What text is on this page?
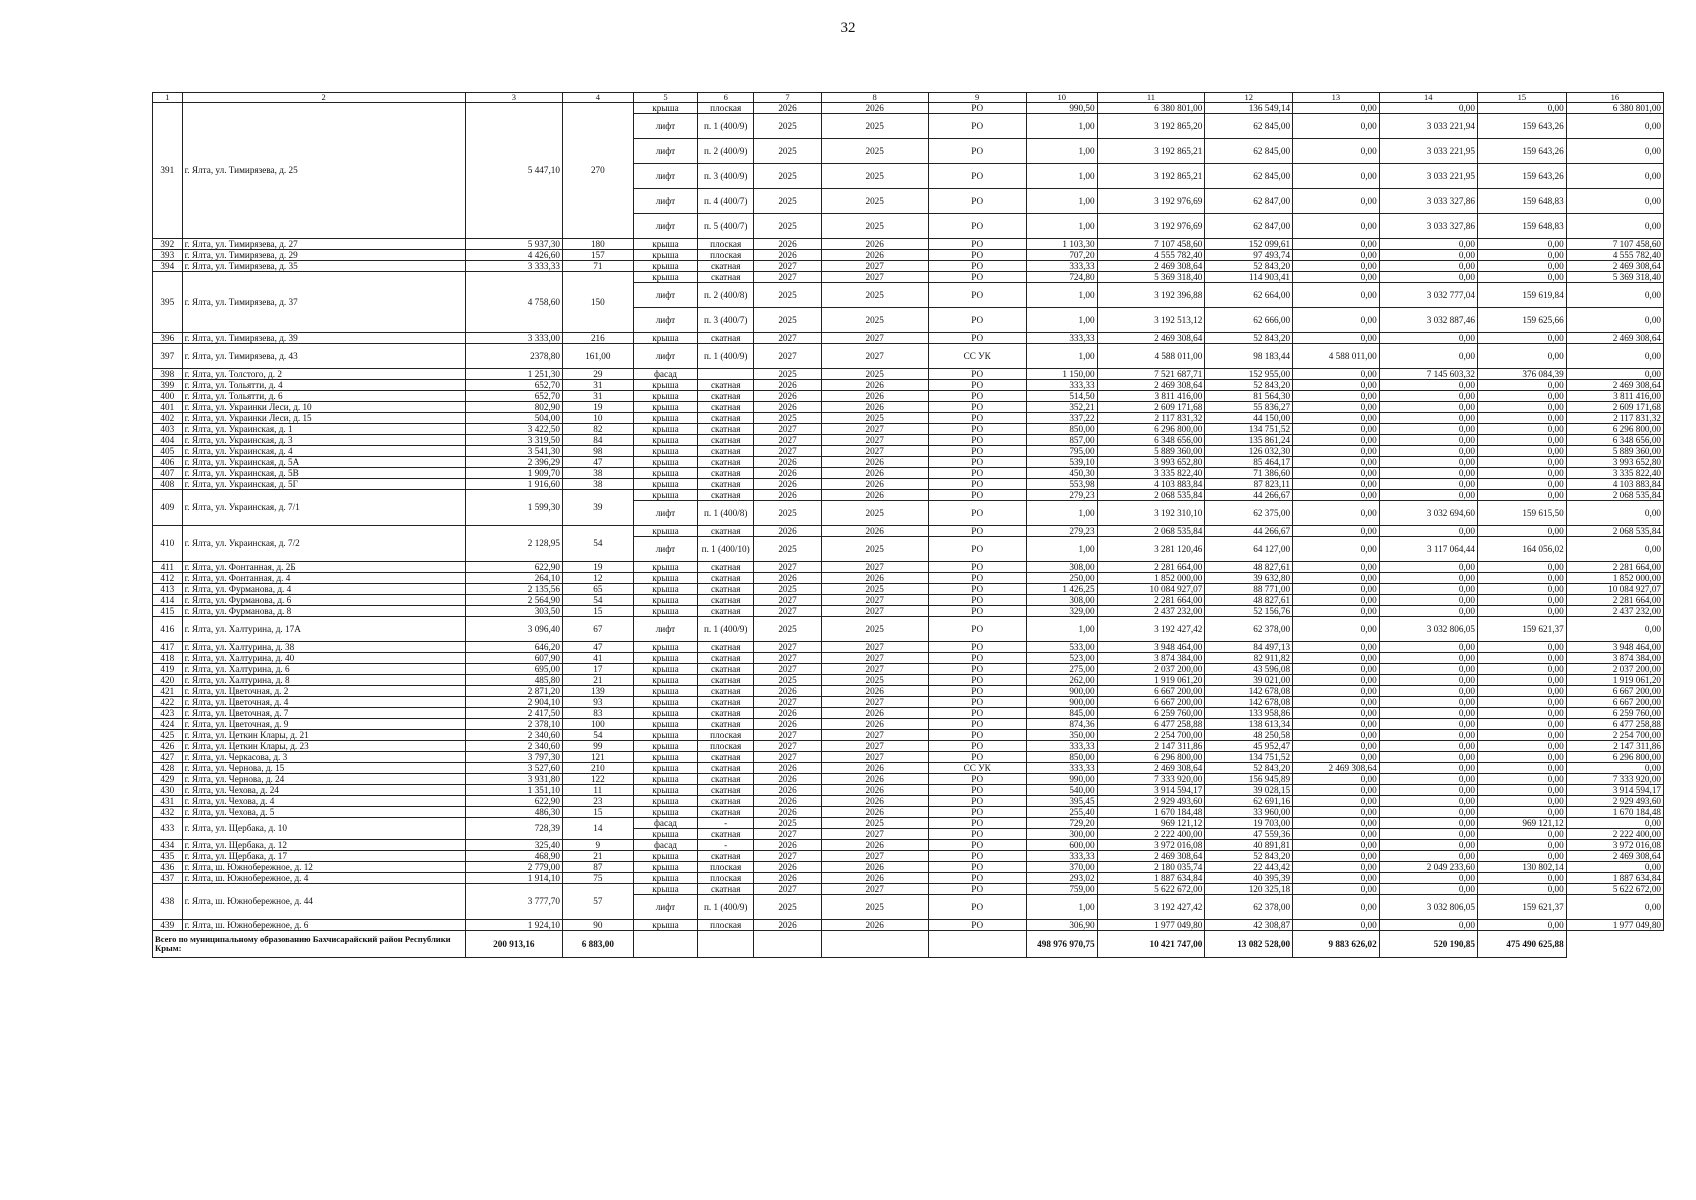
32
1	2	3	4	5	6	7	8	9	10	11	12	13	14	15	16
391	г. Ялта, ул. Тимирязева, д. 25	5 447,10	270	крыша	плоская	2026	2026	РО	990,50	6 380 801,00	136 549,14	0,00	0,00	0,00	6 380 801,00
				лифт	п. 1 (400/9)	2025	2025	РО	1,00	3 192 865,20	62 845,00	0,00	3 033 221,94	159 643,26	0,00
				лифт	п. 2 (400/9)	2025	2025	РО	1,00	3 192 865,21	62 845,00	0,00	3 033 221,95	159 643,26	0,00
				лифт	п. 3 (400/9)	2025	2025	РО	1,00	3 192 865,21	62 845,00	0,00	3 033 221,95	159 643,26	0,00
				лифт	п. 4 (400/7)	2025	2025	РО	1,00	3 192 976,69	62 847,00	0,00	3 033 327,86	159 648,83	0,00
				лифт	п. 5 (400/7)	2025	2025	РО	1,00	3 192 976,69	62 847,00	0,00	3 033 327,86	159 648,83	0,00
392	г. Ялта, ул. Тимирязева, д. 27	5 937,30	180	крыша	плоская	2026	2026	РО	1 103,30	7 107 458,60	152 099,61	0,00	0,00	0,00	7 107 458,60
393	г. Ялта, ул. Тимирязева, д. 29	4 426,60	157	крыша	плоская	2026	2026	РО	707,20	4 555 782,40	97 493,74	0,00	0,00	0,00	4 555 782,40
394	г. Ялта, ул. Тимирязева, д. 35	3 333,33	71	крыша	скатная	2027	2027	РО	333,33	2 469 308,64	52 843,20	0,00	0,00	0,00	2 469 308,64
395	г. Ялта, ул. Тимирязева, д. 37	4 758,60	150	крыша	скатная	2027	2027	РО	724,80	5 369 318,40	114 903,41	0,00	0,00	0,00	5 369 318,40
				лифт	п. 2 (400/8)	2025	2025	РО	1,00	3 192 396,88	62 664,00	0,00	3 032 777,04	159 619,84	0,00
				лифт	п. 3 (400/7)	2025	2025	РО	1,00	3 192 513,12	62 666,00	0,00	3 032 887,46	159 625,66	0,00
396	г. Ялта, ул. Тимирязева, д. 39	3 333,00	216	крыша	скатная	2027	2027	РО	333,33	2 469 308,64	52 843,20	0,00	0,00	0,00	2 469 308,64
397	г. Ялта, ул. Тимирязева, д. 43	2378,80	161,00	лифт	п. 1 (400/9)	2027	2027	СС УК	1,00	4 588 011,00	98 183,44	4 588 011,00	0,00	0,00	0,00
398	г. Ялта, ул. Толстого, д. 2	1 251,30	29	фасад		2025	2025	РО	1 150,00	7 521 687,71	152 955,00	0,00	7 145 603,32	376 084,39	0,00
399	г. Ялта, ул. Тольятти, д. 4	652,70	31	крыша	скатная	2026	2026	РО	333,33	2 469 308,64	52 843,20	0,00	0,00	0,00	2 469 308,64
400	г. Ялта, ул. Тольятти, д. 6	652,70	31	крыша	скатная	2026	2026	РО	514,50	3 811 416,00	81 564,30	0,00	0,00	0,00	3 811 416,00
401	г. Ялта, ул. Украинки Леси, д. 10	802,90	19	крыша	скатная	2026	2026	РО	352,21	2 609 171,68	55 836,27	0,00	0,00	0,00	2 609 171,68
402	г. Ялта, ул. Украинки Леси, д. 15	504,00	10	крыша	скатная	2025	2025	РО	337,22	2 117 831,32	44 150,00	0,00	0,00	0,00	2 117 831,32
403	г. Ялта, ул. Украинская, д. 1	3 422,50	82	крыша	скатная	2027	2027	РО	850,00	6 296 800,00	134 751,52	0,00	0,00	0,00	6 296 800,00
404	г. Ялта, ул. Украинская, д. 3	3 319,50	84	крыша	скатная	2027	2027	РО	857,00	6 348 656,00	135 861,24	0,00	0,00	0,00	6 348 656,00
405	г. Ялта, ул. Украинская, д. 4	3 541,30	98	крыша	скатная	2027	2027	РО	795,00	5 889 360,00	126 032,30	0,00	0,00	0,00	5 889 360,00
406	г. Ялта, ул. Украинская, д. 5А	2 396,29	47	крыша	скатная	2026	2026	РО	539,10	3 993 652,80	85 464,17	0,00	0,00	0,00	3 993 652,80
407	г. Ялта, ул. Украинская, д. 5В	1 909,70	38	крыша	скатная	2026	2026	РО	450,30	3 335 822,40	71 386,60	0,00	0,00	0,00	3 335 822,40
408	г. Ялта, ул. Украинская, д. 5Г	1 916,60	38	крыша	скатная	2026	2026	РО	553,98	4 103 883,84	87 823,11	0,00	0,00	0,00	4 103 883,84
409	г. Ялта, ул. Украинская, д. 7/1	1 599,30	39	крыша	скатная	2026	2026	РО	279,23	2 068 535,84	44 266,67	0,00	0,00	0,00	2 068 535,84
				лифт	п. 1 (400/8)	2025	2025	РО	1,00	3 192 310,10	62 375,00	0,00	3 032 694,60	159 615,50	0,00
410	г. Ялта, ул. Украинская, д. 7/2	2 128,95	54	крыша	скатная	2026	2026	РО	279,23	2 068 535,84	44 266,67	0,00	0,00	0,00	2 068 535,84
				лифт	п. 1 (400/10)	2025	2025	РО	1,00	3 281 120,46	64 127,00	0,00	3 117 064,44	164 056,02	0,00
411	г. Ялта, ул. Фонтанная, д. 2Б	622,90	19	крыша	скатная	2027	2027	РО	308,00	2 281 664,00	48 827,61	0,00	0,00	0,00	2 281 664,00
412	г. Ялта, ул. Фонтанная, д. 4	264,10	12	крыша	скатная	2026	2026	РО	250,00	1 852 000,00	39 632,80	0,00	0,00	0,00	1 852 000,00
413	г. Ялта, ул. Фурманова, д. 4	2 135,56	65	крыша	скатная	2025	2025	РО	1 426,25	10 084 927,07	88 771,00	0,00	0,00	0,00	10 084 927,07
414	г. Ялта, ул. Фурманова, д. 6	2 564,90	54	крыша	скатная	2027	2027	РО	308,00	2 281 664,00	48 827,61	0,00	0,00	0,00	2 281 664,00
415	г. Ялта, ул. Фурманова, д. 8	303,50	15	крыша	скатная	2027	2027	РО	329,00	2 437 232,00	52 156,76	0,00	0,00	0,00	2 437 232,00
416	г. Ялта, ул. Халтурина, д. 17А	3 096,40	67	лифт	п. 1 (400/9)	2025	2025	РО	1,00	3 192 427,42	62 378,00	0,00	3 032 806,05	159 621,37	0,00
417	г. Ялта, ул. Халтурина, д. 38	646,20	47	крыша	скатная	2027	2027	РО	533,00	3 948 464,00	84 497,13	0,00	0,00	0,00	3 948 464,00
418	г. Ялта, ул. Халтурина, д. 40	607,90	41	крыша	скатная	2027	2027	РО	523,00	3 874 384,00	82 911,82	0,00	0,00	0,00	3 874 384,00
419	г. Ялта, ул. Халтурина, д. 6	695,00	17	крыша	скатная	2027	2027	РО	275,00	2 037 200,00	43 596,08	0,00	0,00	0,00	2 037 200,00
420	г. Ялта, ул. Халтурина, д. 8	485,80	21	крыша	скатная	2025	2025	РО	262,00	1 919 061,20	39 021,00	0,00	0,00	0,00	1 919 061,20
421	г. Ялта, ул. Цветочная, д. 2	2 871,20	139	крыша	скатная	2026	2026	РО	900,00	6 667 200,00	142 678,08	0,00	0,00	0,00	6 667 200,00
422	г. Ялта, ул. Цветочная, д. 4	2 904,10	93	крыша	скатная	2027	2027	РО	900,00	6 667 200,00	142 678,08	0,00	0,00	0,00	6 667 200,00
423	г. Ялта, ул. Цветочная, д. 7	2 417,50	83	крыша	скатная	2026	2026	РО	845,00	6 259 760,00	133 958,86	0,00	0,00	0,00	6 259 760,00
424	г. Ялта, ул. Цветочная, д. 9	2 378,10	100	крыша	скатная	2026	2026	РО	874,36	6 477 258,88	138 613,34	0,00	0,00	0,00	6 477 258,88
425	г. Ялта, ул. Цеткин Клары, д. 21	2 340,60	54	крыша	плоская	2027	2027	РО	350,00	2 254 700,00	48 250,58	0,00	0,00	0,00	2 254 700,00
426	г. Ялта, ул. Цеткин Клары, д. 23	2 340,60	99	крыша	плоская	2027	2027	РО	333,33	2 147 311,86	45 952,47	0,00	0,00	0,00	2 147 311,86
427	г. Ялта, ул. Черкасова, д. 3	3 797,30	121	крыша	скатная	2027	2027	РО	850,00	6 296 800,00	134 751,52	0,00	0,00	0,00	6 296 800,00
428	г. Ялта, ул. Чернова, д. 15	3 527,60	210	крыша	скатная	2026	2026	СС УК	333,33	2 469 308,64	52 843,20	2 469 308,64	0,00	0,00	0,00
429	г. Ялта, ул. Чернова, д. 24	3 931,80	122	крыша	скатная	2026	2026	РО	990,00	7 333 920,00	156 945,89	0,00	0,00	0,00	7 333 920,00
430	г. Ялта, ул. Чехова, д. 24	1 351,10	11	крыша	скатная	2026	2026	РО	540,00	3 914 594,17	39 028,15	0,00	0,00	0,00	3 914 594,17
431	г. Ялта, ул. Чехова, д. 4	622,90	23	крыша	скатная	2026	2026	РО	395,45	2 929 493,60	62 691,16	0,00	0,00	0,00	2 929 493,60
432	г. Ялта, ул. Чехова, д. 5	486,30	15	крыша	скатная	2026	2026	РО	255,40	1 670 184,48	33 960,00	0,00	0,00	0,00	1 670 184,48
433	г. Ялта, ул. Щербака, д. 10	728,39	14	фасад	-	2025	2025	РО	729,20	969 121,12	19 703,00	0,00	0,00	969 121,12	0,00
				крыша	скатная	2027	2027	РО	300,00	2 222 400,00	47 559,36	0,00	0,00	0,00	2 222 400,00
434	г. Ялта, ул. Щербака, д. 12	325,40	9	фасад	-	2026	2026	РО	600,00	3 972 016,08	40 891,81	0,00	0,00	0,00	3 972 016,08
435	г. Ялта, ул. Щербака, д. 17	468,90	21	крыша	скатная	2027	2027	РО	333,33	2 469 308,64	52 843,20	0,00	0,00	0,00	2 469 308,64
436	г. Ялта, ш. Южнобережное, д. 12	2 779,00	87	крыша	плоская	2026	2026	РО	370,00	2 180 035,74	22 443,42	0,00	2 049 233,60	130 802,14	0,00
437	г. Ялта, ш. Южнобережное, д. 4	1 914,10	75	крыша	плоская	2026	2026	РО	293,02	1 887 634,84	40 395,39	0,00	0,00	0,00	1 887 634,84
438	г. Ялта, ш. Южнобережное, д. 44	3 777,70	57	крыша	скатная	2027	2027	РО	759,00	5 622 672,00	120 325,18	0,00	0,00	0,00	5 622 672,00
				лифт	п. 1 (400/9)	2025	2025	РО	1,00	3 192 427,42	62 378,00	0,00	3 032 806,05	159 621,37	0,00
439	г. Ялта, ш. Южнобережное, д. 6	1 924,10	90	крыша	плоская	2026	2026	РО	306,90	1 977 049,80	42 308,87	0,00	0,00	0,00	1 977 049,80
Всего по муниципальному образованию Бахчисарайский район Республики Крым:		200 913,16	6 883,00						498 976 970,75	10 421 747,00	13 082 528,00	9 883 626,02	520 190,85	475 490 625,88	
